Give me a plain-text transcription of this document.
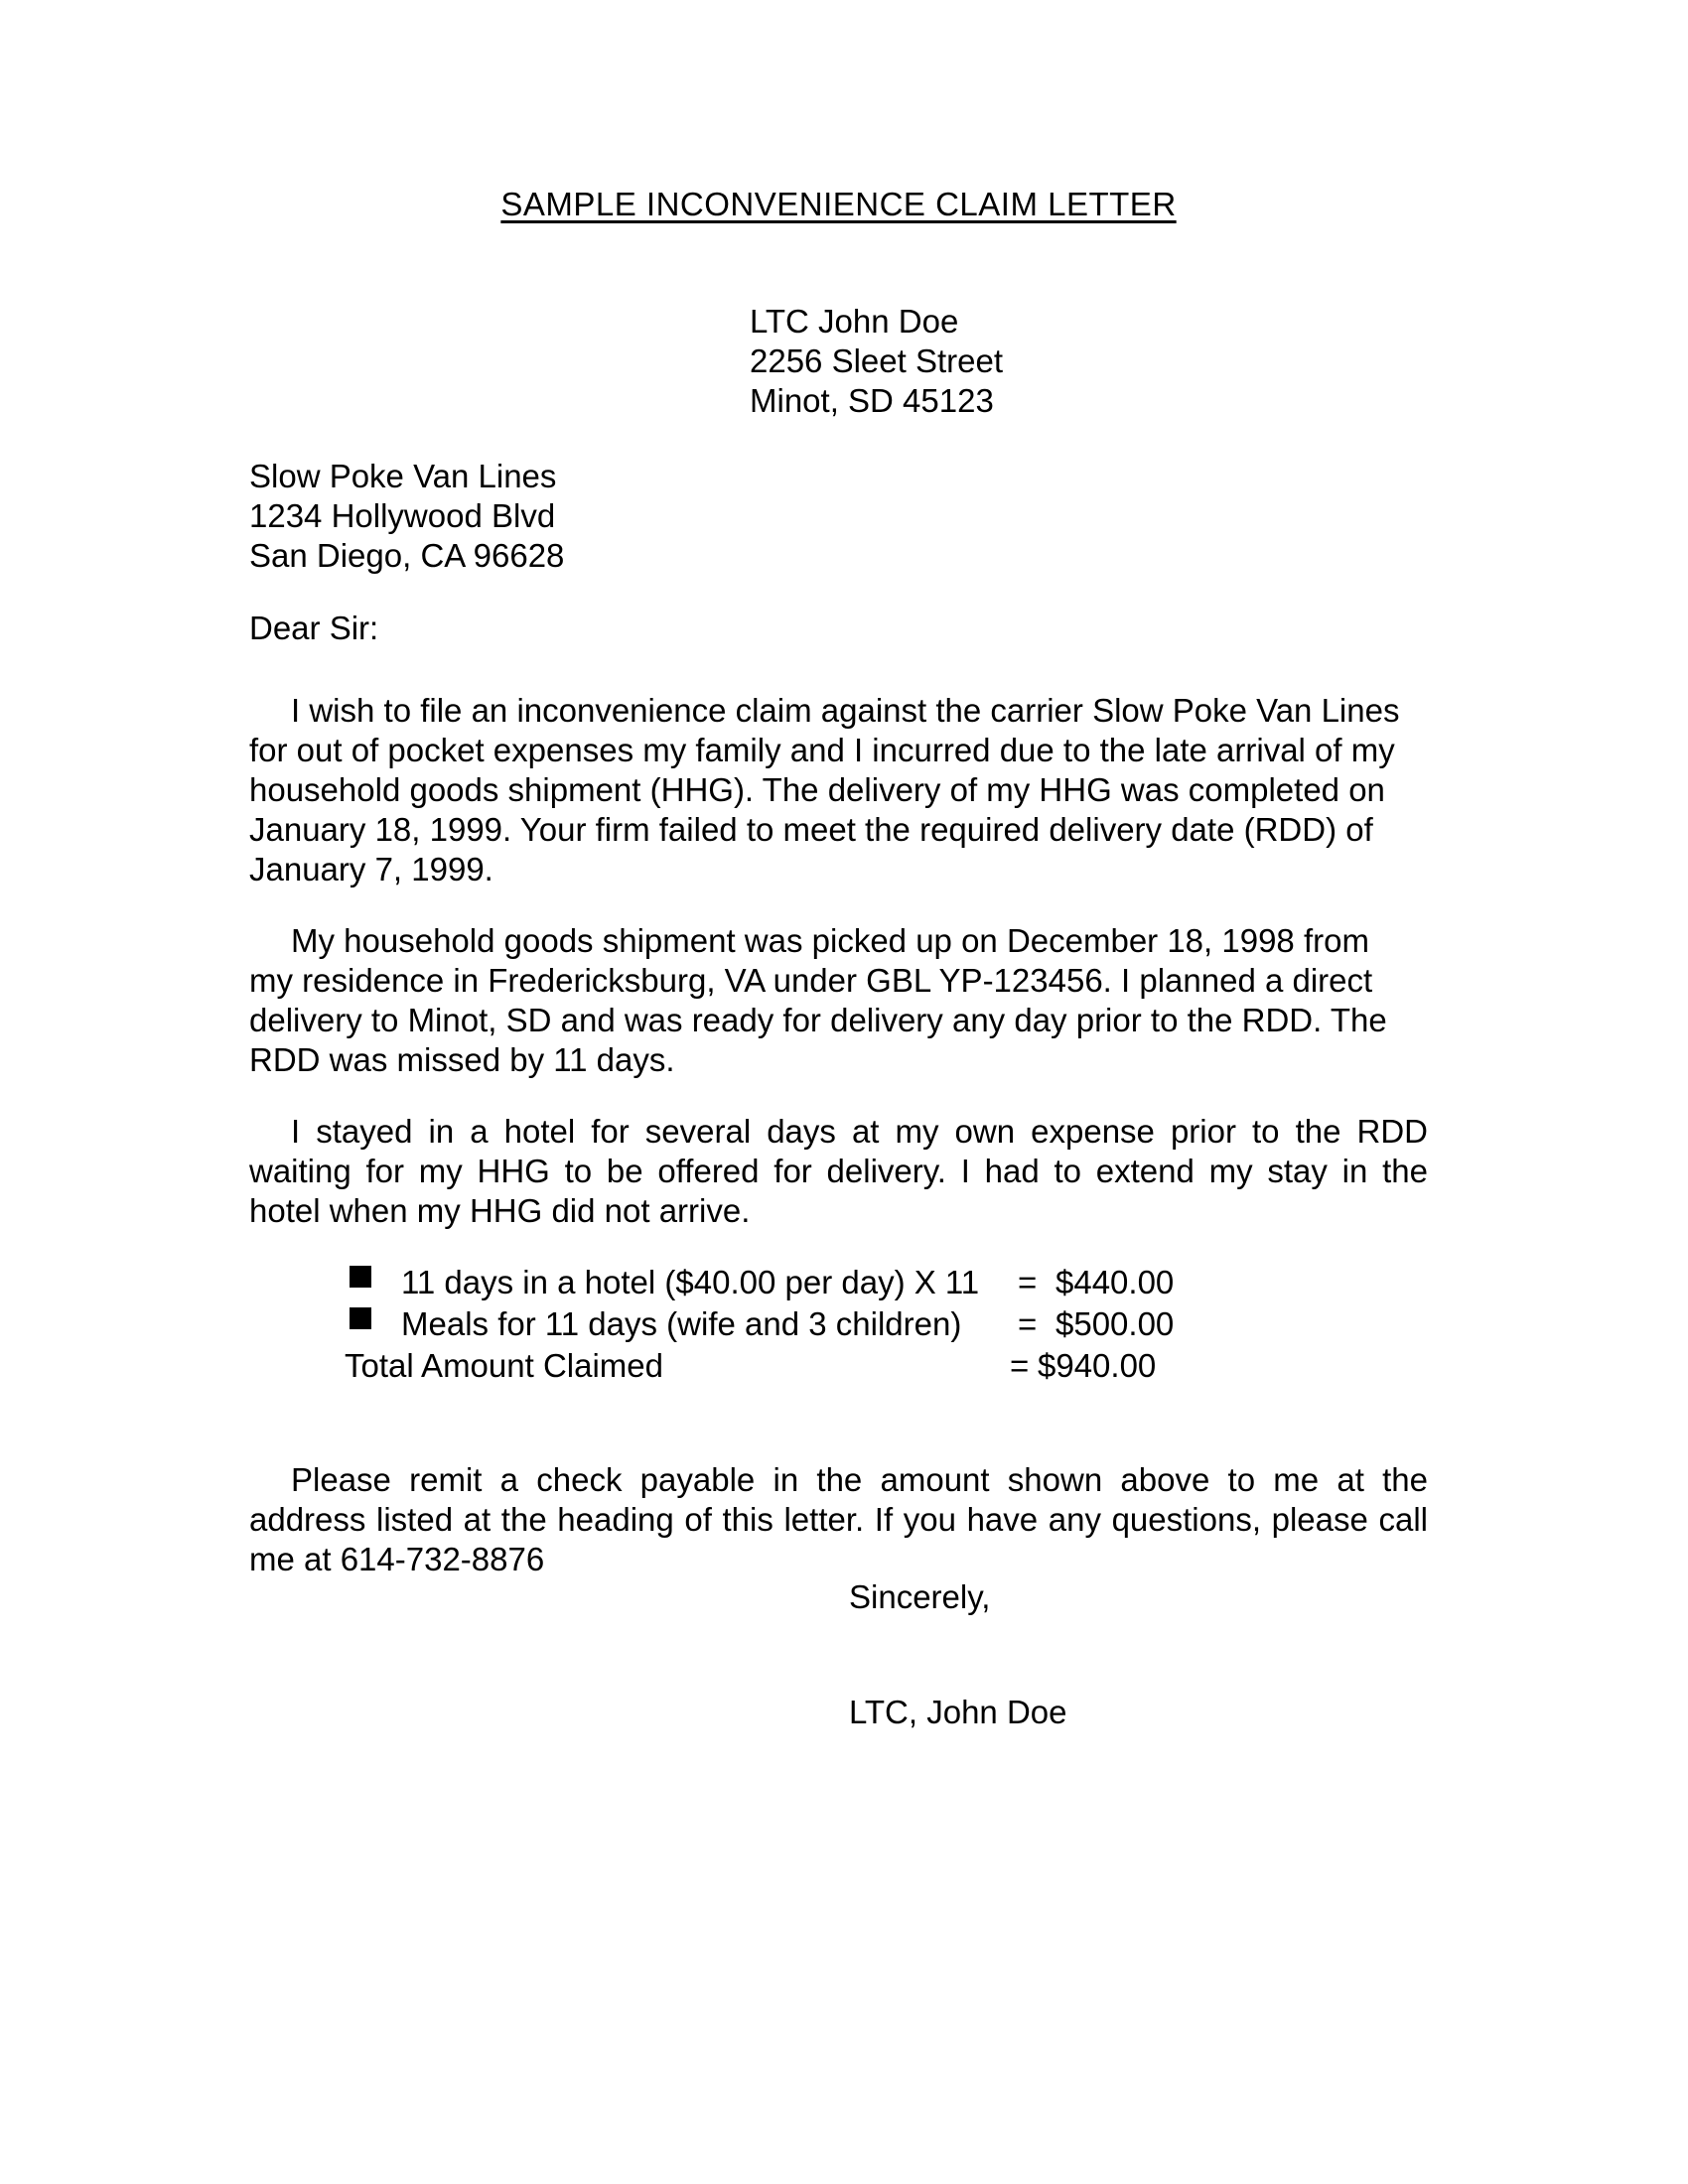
SAMPLE INCONVENIENCE CLAIM LETTER
LTC John Doe
2256 Sleet Street
Minot, SD 45123
Slow Poke Van Lines
1234 Hollywood Blvd
San Diego, CA 96628
Dear Sir:
I wish to file an inconvenience claim against the carrier Slow Poke Van Lines
for out of pocket expenses my family and I incurred due to the late arrival of my
household goods shipment (HHG). The delivery of my HHG was completed on
January 18, 1999. Your firm failed to meet the required delivery date (RDD) of
January 7, 1999.
My household goods shipment was picked up on December 18, 1998 from
my residence in Fredericksburg, VA under GBL YP-123456. I planned a direct
delivery to Minot, SD and was ready for delivery any day prior to the RDD. The
RDD was missed by 11 days.
I stayed in a hotel for several days at my own expense prior to the RDD
waiting for my HHG to be offered for delivery. I had to extend my stay in the
hotel when my HHG did not arrive.
11 days in a hotel ($40.00 per day) X 11 = $440.00
Meals for 11 days (wife and 3 children) = $500.00
Total Amount Claimed	= $940.00
Please remit a check payable in the amount shown above to me at the
address listed at the heading of this letter. If you have any questions, please call
me at 614-732-8876
Sincerely,
LTC, John Doe
